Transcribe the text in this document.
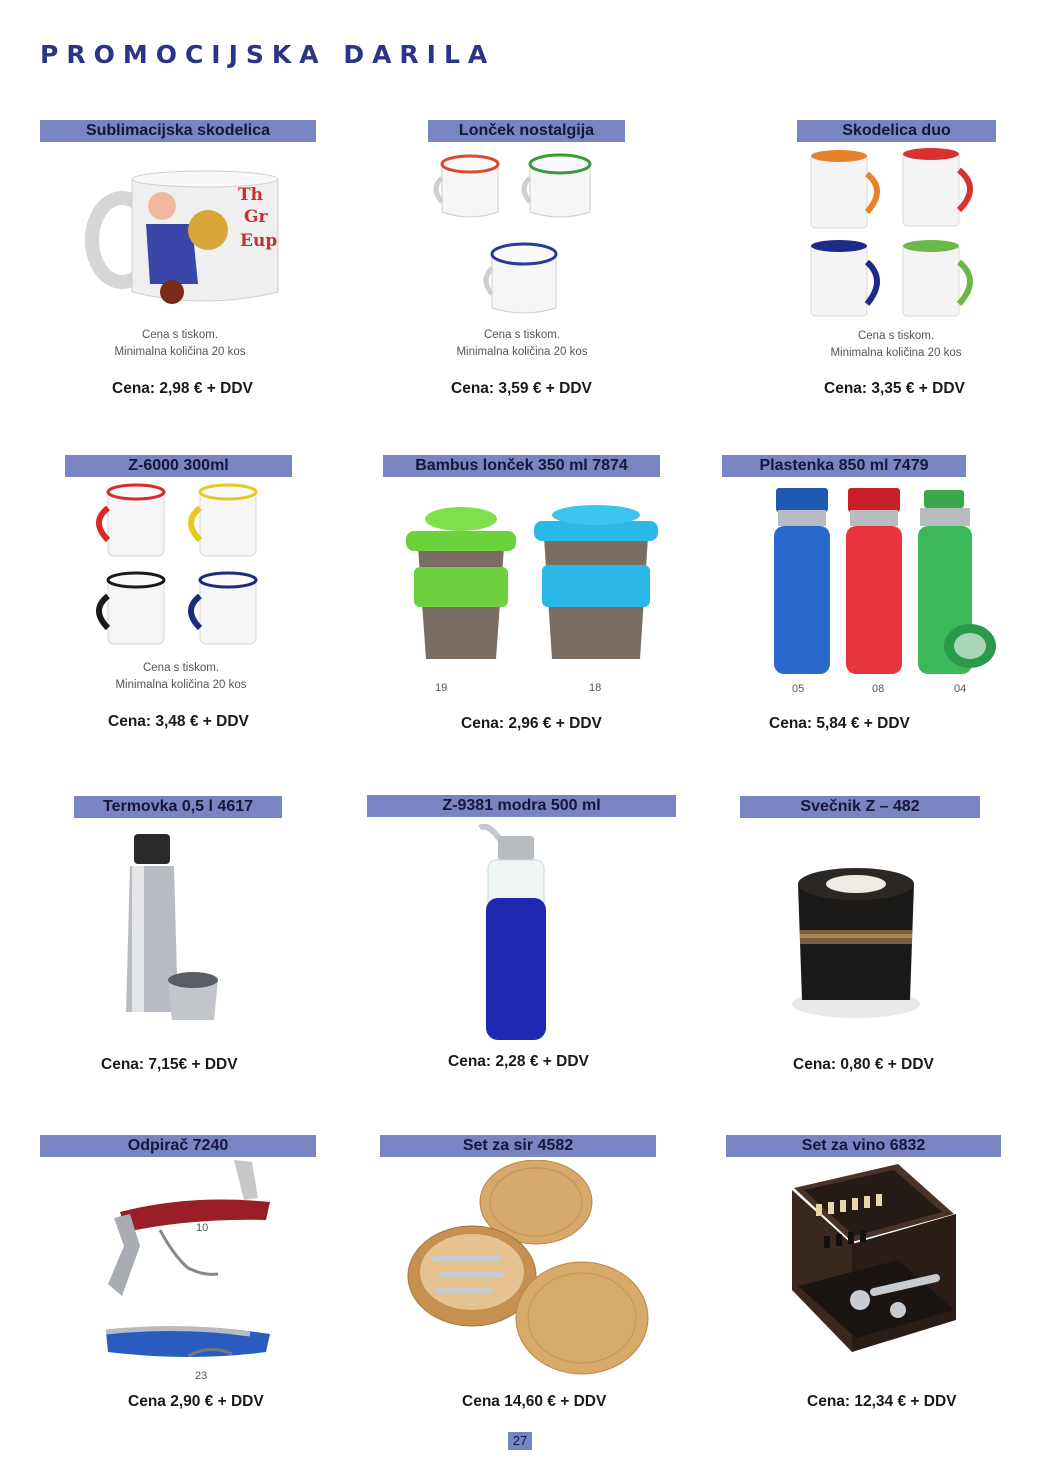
PROMOCIJSKA DARILA
Sublimacijska skodelica
Th
Gr
Eup
Cena s tiskom.
Minimalna količina 20 kos
Cena: 2,98 € + DDV
Lonček nostalgija
Cena s tiskom.
Minimalna količina 20 kos
Cena: 3,59 € + DDV
Skodelica duo
Cena s tiskom.
Minimalna količina 20 kos
Cena: 3,35 € + DDV
Z-6000 300ml
Cena s tiskom.
Minimalna količina 20 kos
Cena: 3,48 € + DDV
Bambus lonček 350 ml 7874
19	18
Cena: 2,96 € + DDV
Plastenka 850 ml 7479
05	08	04
Cena: 5,84 € + DDV
Termovka 0,5 l 4617
Cena: 7,15€ + DDV
Z-9381 modra 500 ml
Cena: 2,28 € + DDV
Svečnik Z – 482
Cena: 0,80 € + DDV
Odpirač 7240
10
23
Cena 2,90 € + DDV
Set za sir 4582
Cena 14,60 € + DDV
Set za vino 6832
Cena: 12,34 € + DDV
27
